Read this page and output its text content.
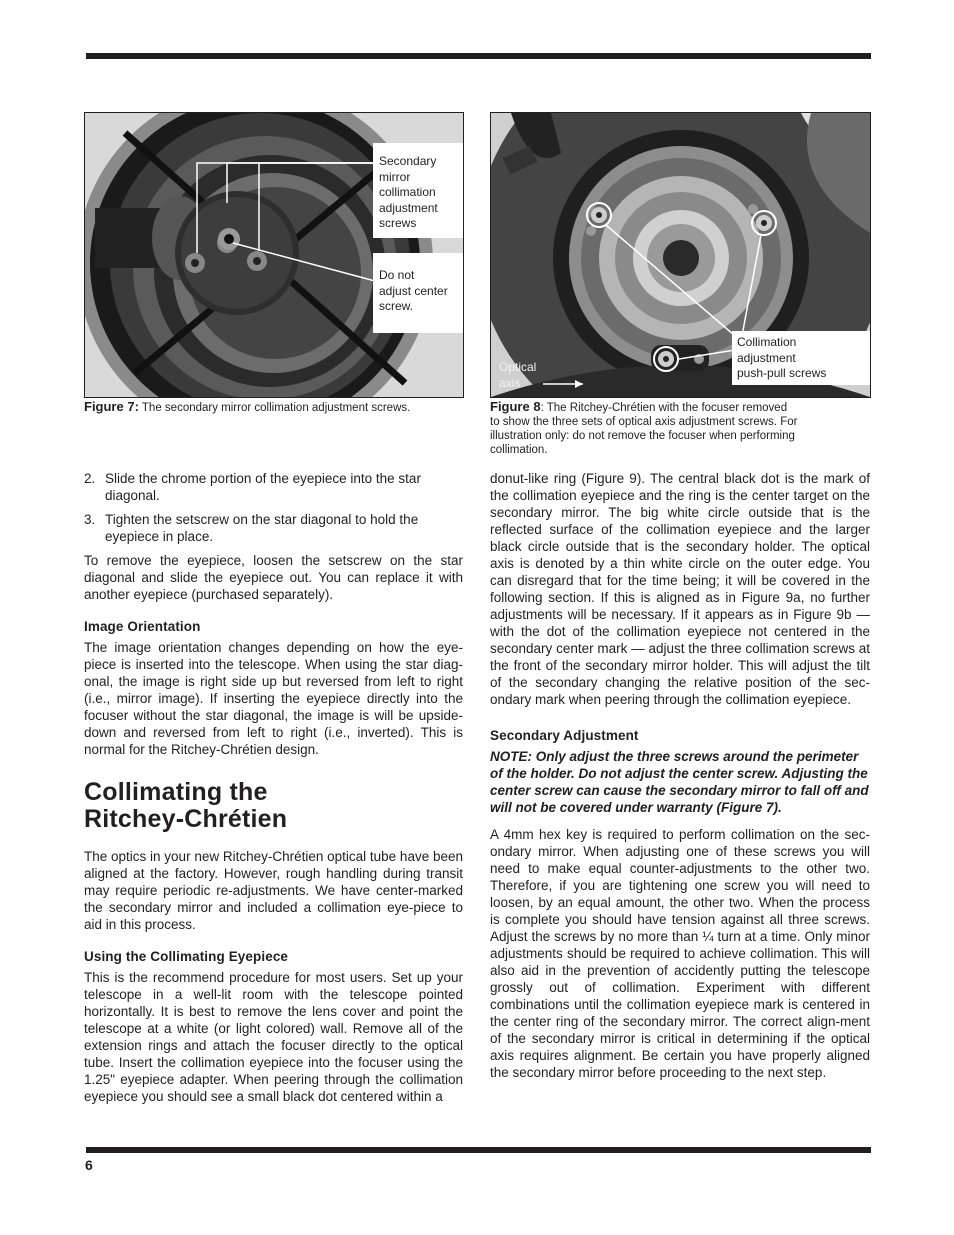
Secondary
mirror
collimation
adjustment
screws
Do not
adjust center
screw.
Figure 7: The secondary mirror collimation adjustment screws.
Collimation
adjustment
push-pull screws
Optical
axis
Figure 8: The Ritchey-Chrétien with the focuser removed
to show the three sets of optical axis adjustment screws. For
illustration only: do not remove the focuser when performing
collimation.
2. Slide the chrome portion of the eyepiece into the star diagonal.
3. Tighten the setscrew on the star diagonal to hold the eyepiece in place.

To remove the eyepiece, loosen the setscrew on the star diagonal and slide the eyepiece out. You can replace it with another eyepiece (purchased separately).

Image Orientation

The image orientation changes depending on how the eye-piece is inserted into the telescope. When using the star diag-onal, the image is right side up but reversed from left to right (i.e., mirror image). If inserting the eyepiece directly into the focuser without the star diagonal, the image is will be upside-down and reversed from left to right (i.e., inverted). This is normal for the Ritchey-Chrétien design.

Collimating the
Ritchey-Chrétien

The optics in your new Ritchey-Chrétien optical tube have been aligned at the factory. However, rough handling during transit may require periodic re-adjustments. We have center-marked the secondary mirror and included a collimation eye-piece to aid in this process.

Using the Collimating Eyepiece

This is the recommend procedure for most users. Set up your telescope in a well-lit room with the telescope pointed horizontally. It is best to remove the lens cover and point the telescope at a white (or light colored) wall. Remove all of the extension rings and attach the focuser directly to the optical tube. Insert the collimation eyepiece into the focuser using the 1.25" eyepiece adapter. When peering through the collimation eyepiece you should see a small black dot centered within a

donut-like ring (Figure 9). The central black dot is the mark of the collimation eyepiece and the ring is the center target on the secondary mirror. The big white circle outside that is the reflected surface of the collimation eyepiece and the larger black circle outside that is the secondary holder. The optical axis is denoted by a thin white circle on the outer edge. You can disregard that for the time being; it will be covered in the following section. If this is aligned as in Figure 9a, no further adjustments will be necessary. If it appears as in Figure 9b — with the dot of the collimation eyepiece not centered in the secondary center mark — adjust the three collimation screws at the front of the secondary mirror holder. This will adjust the tilt of the secondary changing the relative position of the sec-ondary mark when peering through the collimation eyepiece.

Secondary Adjustment

NOTE: Only adjust the three screws around the perimeter of the holder. Do not adjust the center screw. Adjusting the center screw can cause the secondary mirror to fall off and will not be covered under warranty (Figure 7).

A 4mm hex key is required to perform collimation on the sec-ondary mirror. When adjusting one of these screws you will need to make equal counter-adjustments to the other two. Therefore, if you are tightening one screw you will need to loosen, by an equal amount, the other two. When the process is complete you should have tension against all three screws. Adjust the screws by no more than ¼ turn at a time. Only minor adjustments should be required to achieve collimation. This will also aid in the prevention of accidently putting the telescope grossly out of collimation. Experiment with different combinations until the collimation eyepiece mark is centered in the center ring of the secondary mirror. The correct align-ment of the secondary mirror is critical in determining if the optical axis requires alignment. Be certain you have properly aligned the secondary mirror before proceeding to the next step.

6
